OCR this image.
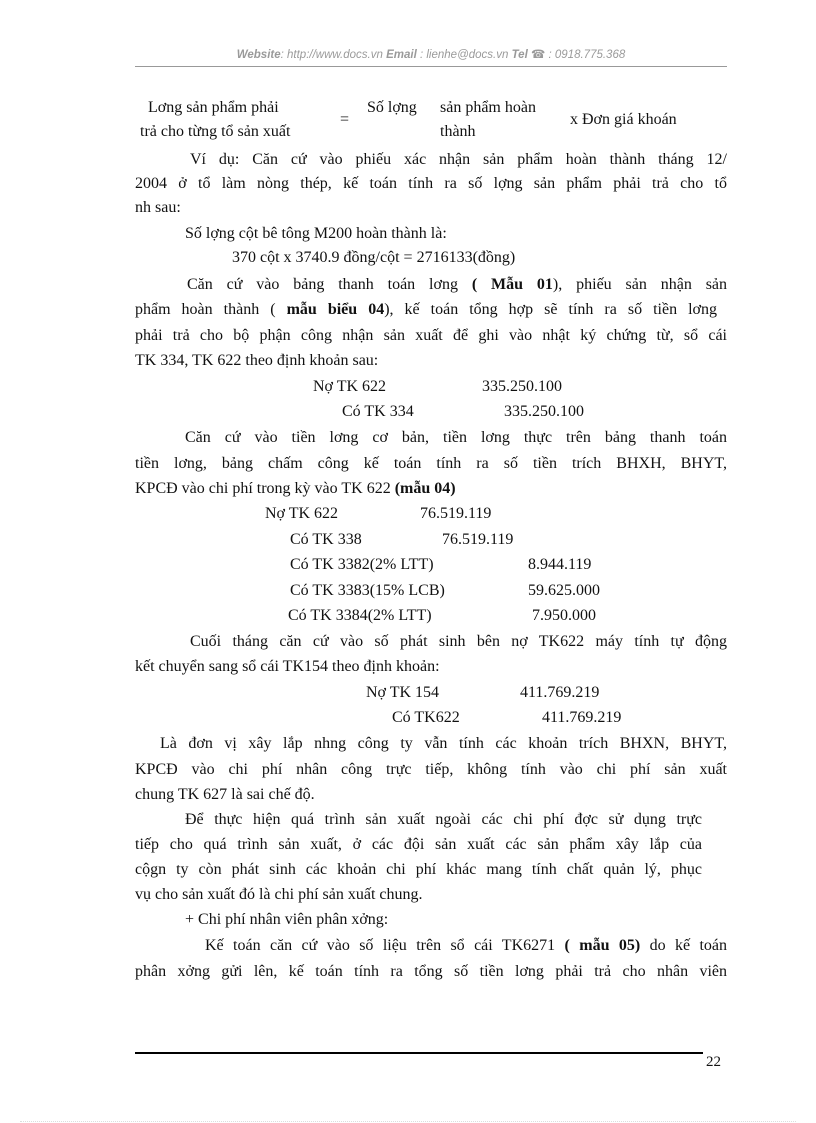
Website: http://www.docs.vn Email : lienhe@docs.vn Tel ☎ : 0918.775.368
Lơng sản phẩm phải
trả cho từng tổ sản xuất
=
Số lợng sản phẩm hoàn
thành
x Đơn giá khoán
Ví dụ: Căn cứ vào phiếu xác nhận sản phẩm hoàn thành tháng 12/
2004 ở tổ làm nòng thép, kế toán tính ra số lợng sản phẩm phải trả cho tổ
nh sau:
Số lợng cột bê tông M200 hoàn thành là:
370 cột x 3740.9 đồng/cột = 2716133(đồng)
Căn cứ vào bảng thanh toán lơng ( Mẫu 01), phiếu sản nhận sản
phẩm hoàn thành ( mẫu biểu 04), kế toán tổng hợp sẽ tính ra số tiền lơng
phải trả cho bộ phận công nhận sản xuất để ghi vào nhật ký chứng từ, sổ cái
TK 334, TK 622 theo định khoản sau:
Nợ TK 622	335.250.100
Có TK 334	335.250.100
Căn cứ vào tiền lơng cơ bản, tiền lơng thực trên bảng thanh toán
tiền lơng, bảng chấm công kế toán tính ra số tiền trích BHXH, BHYT,
KPCĐ vào chi phí trong kỳ vào TK 622 (mẫu 04)
Nợ TK 622	76.519.119
Có TK 338	76.519.119
Có TK 3382(2% LTT)	8.944.119
Có TK 3383(15% LCB)	59.625.000
Có TK 3384(2% LTT)	7.950.000
Cuối tháng căn cứ vào số phát sinh bên nợ TK622 máy tính tự động
kết chuyển sang sổ cái TK154 theo định khoản:
Nợ TK 154	411.769.219
Có TK622	411.769.219
Là đơn vị xây lắp nhng công ty vẫn tính các khoản trích BHXN, BHYT,
KPCĐ vào chi phí nhân công trực tiếp, không tính vào chi phí sản xuất
chung TK 627 là sai chế độ.
Để thực hiện quá trình sản xuất ngoài các chi phí đợc sử dụng trực
tiếp cho quá trình sản xuất, ở các đội sản xuất các sản phẩm xây lắp của
cộgn ty còn phát sinh các khoản chi phí khác mang tính chất quản lý, phục
vụ cho sản xuất đó là chi phí sản xuất chung.
+ Chi phí nhân viên phân xởng:
Kế toán căn cứ vào số liệu trên sổ cái TK6271 ( mẫu 05) do kế toán
phân xởng gửi lên, kế toán tính ra tổng số tiền lơng phải trả cho nhân viên
22
